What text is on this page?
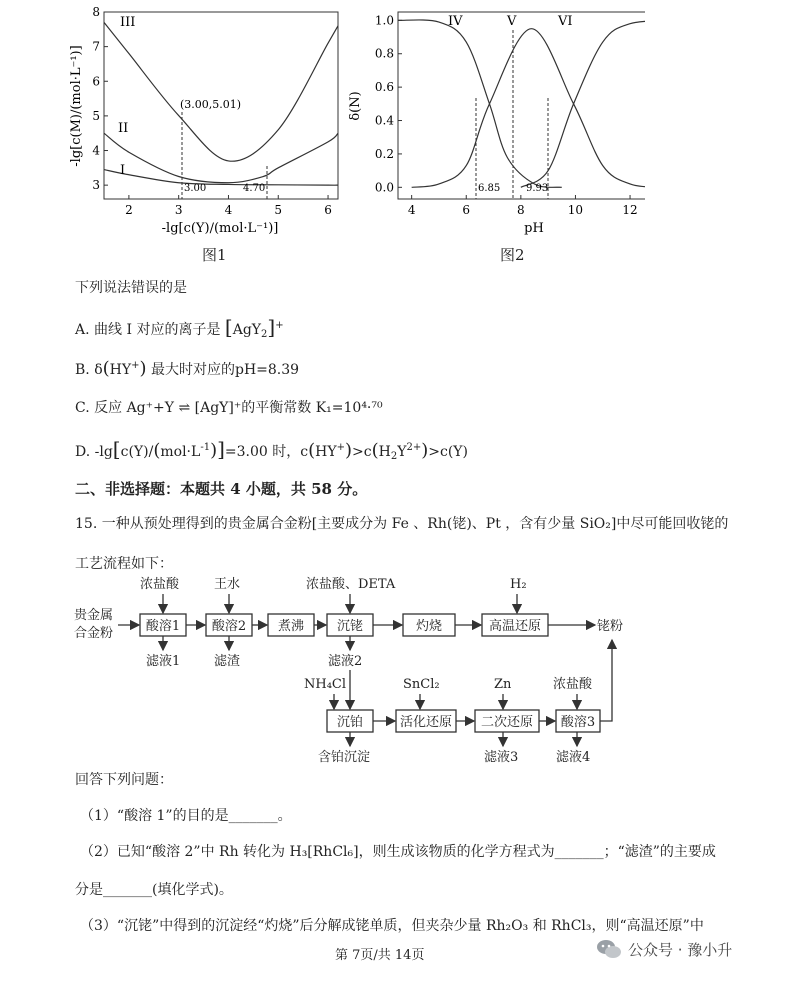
2	3	4	5	6
3
4
5
6
7
8
(3.00,5.01)
3.00	4.70
III
II
I
-lg[c(Y)/(mol·L⁻¹)]
-lg[c(M)/(mol·L⁻¹)]
图1
4	6	8	10	12
0.0
0.2
0.4
0.6
0.8
1.0
6.85	9.93
IV	V	VI
pH
δ(N)
图2
下列说法错误的是
A. 曲线 I 对应的离子是 [AgY$_2$]+
B. δ(HY+) 最大时对应的pH=8.39
C. 反应 Ag⁺+Y ⇌ [AgY]⁺的平衡常数 K₁=10⁴·⁷⁰
D. $-\lg[c(Y)/(mol\cdot L^{-1})]=3.00$ 时，$c(HY^+)>c(H_2Y^{2+})>c(Y)$
二、非选择题：本题共 4 小题，共 58 分。
15. 一种从预处理得到的贵金属合金粉[主要成分为 Fe 、Rh(铑)、Pt ，含有少量 SiO₂]中尽可能回收铑的
工艺流程如下：
贵金属
合金粉	酸溶1 酸溶2 煮沸	沉铑	灼烧	高温还原	铑粉
浓盐酸	王水	浓盐酸、DETA	H₂
滤液1	滤渣	滤液2
NH₄Cl
沉铂
SnCl₂
活化还原
Zn
二次还原
浓盐酸
酸溶3
含铂沉淀	滤液3	滤液4
回答下列问题：
（1）“酸溶 1”的目的是_______。
（2）已知“酸溶 2”中 Rh 转化为 H₃[RhCl₆]，则生成该物质的化学方程式为_______；“滤渣”的主要成
分是_______(填化学式)。
（3）“沉铑”中得到的沉淀经“灼烧”后分解成铑单质，但夹杂少量 Rh₂O₃ 和 RhCl₃，则“高温还原”中
第 7页/共 14页	公众号 · 豫小升
